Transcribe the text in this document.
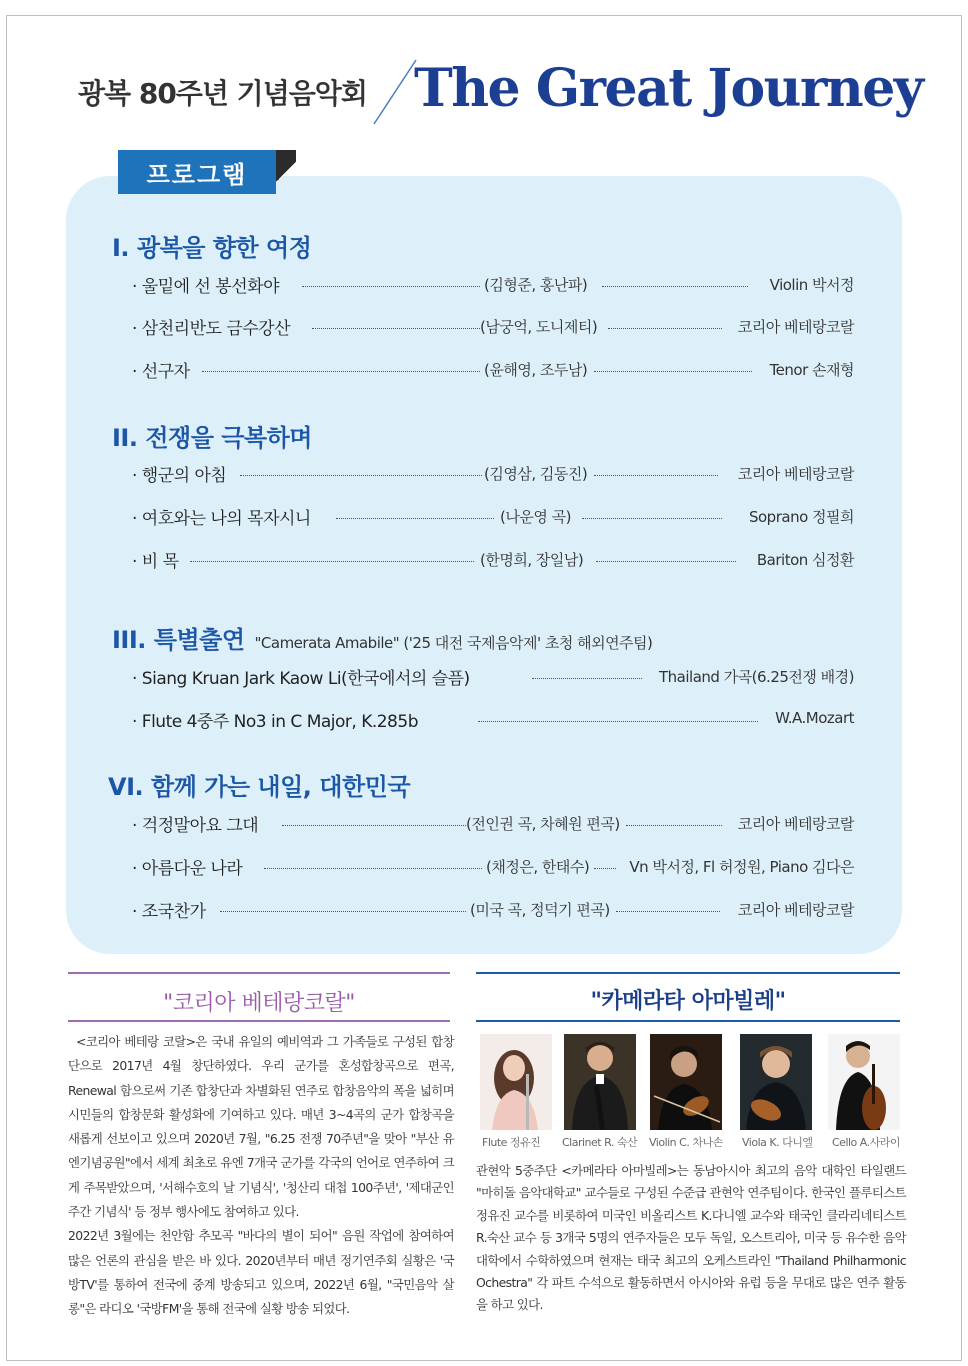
광복 80주년 기념음악회 The Great Journey
프로그램
I. 광복을 향한 여정
· 울밑에 선 봉선화야	(김형준, 홍난파)	Violin 박서정
· 삼천리반도 금수강산	(남궁억, 도니제티)	코리아 베테랑코랄
· 선구자	(윤해영, 조두남)	Tenor 손재형
II. 전쟁을 극복하며
· 행군의 아침	(김영삼, 김동진)	코리아 베테랑코랄
· 여호와는 나의 목자시니	(나운영 곡)	Soprano 정필희
· 비 목	(한명희, 장일남)	Bariton 심정환
III. 특별출연 "Camerata Amabile" ('25 대전 국제음악제' 초청 해외연주팀)
· Siang Kruan Jark Kaow Li(한국에서의 슬픔)	Thailand 가곡(6.25전쟁 배경)
· Flute 4중주 No3 in C Major, K.285b	W.A.Mozart
VI. 함께 가는 내일, 대한민국
· 걱정말아요 그대	(전인권 곡, 차혜원 편곡)	코리아 베테랑코랄
· 아름다운 나라	(채정은, 한태수)	Vn 박서정, Fl 허정원, Piano 김다은
· 조국찬가	(미국 곡, 정덕기 편곡)	코리아 베테랑코랄
"코리아 베테랑코랄"

<코리아 베테랑 코랄>은 국내 유일의 예비역과 그 가족들로 구성된 합창단으로 2017년 4월 창단하였다. 우리 군가를 혼성합창곡으로 편곡, Renewal 함으로써 기존 합창단과 차별화된 연주로 합창음악의 폭을 넓히며 시민들의 합창문화 활성화에 기여하고 있다. 매년 3~4곡의 군가 합창곡을 새롭게 선보이고 있으며 2020년 7월, "6.25 전쟁 70주년"을 맞아 "부산 유엔기념공원"에서 세계 최초로 유엔 7개국 군가를 각국의 언어로 연주하여 크게 주목받았으며, '서해수호의 날 기념식', '청산리 대첩 100주년', '제대군인 주간 기념식' 등 정부 행사에도 참여하고 있다.

2022년 3월에는 천안함 추모곡 "바다의 별이 되어" 음원 작업에 참여하여 많은 언론의 관심을 받은 바 있다. 2020년부터 매년 정기연주회 실황은 '국방TV'를 통하여 전국에 중계 방송되고 있으며, 2022년 6월, "국민음악 살롱"은 라디오 '국방FM'을 통해 전국에 실황 방송 되었다.

"카메라타 아마빌레"
Flute 정유진 Clarinet R. 숙산 Violin C. 차나손 Viola K. 다니엘 Cello A.사라이
관현악 5중주단 <카메라타 아마빌레>는 동남아시아 최고의 음악 대학인 타일랜드 "마히돌 음악대학교" 교수들로 구성된 수준급 관현악 연주팀이다. 한국인 플루티스트 정유진 교수를 비롯하여 미국인 비올리스트 K.다니엘 교수와 태국인 클라리네티스트 R.숙산 교수 등 3개국 5명의 연주자들은 모두 독일, 오스트리아, 미국 등 유수한 음악 대학에서 수학하였으며 현재는 태국 최고의 오케스트라인 "Thailand Philharmonic Ochestra" 각 파트 수석으로 활동하면서 아시아와 유럽 등을 무대로 많은 연주 활동을 하고 있다.
